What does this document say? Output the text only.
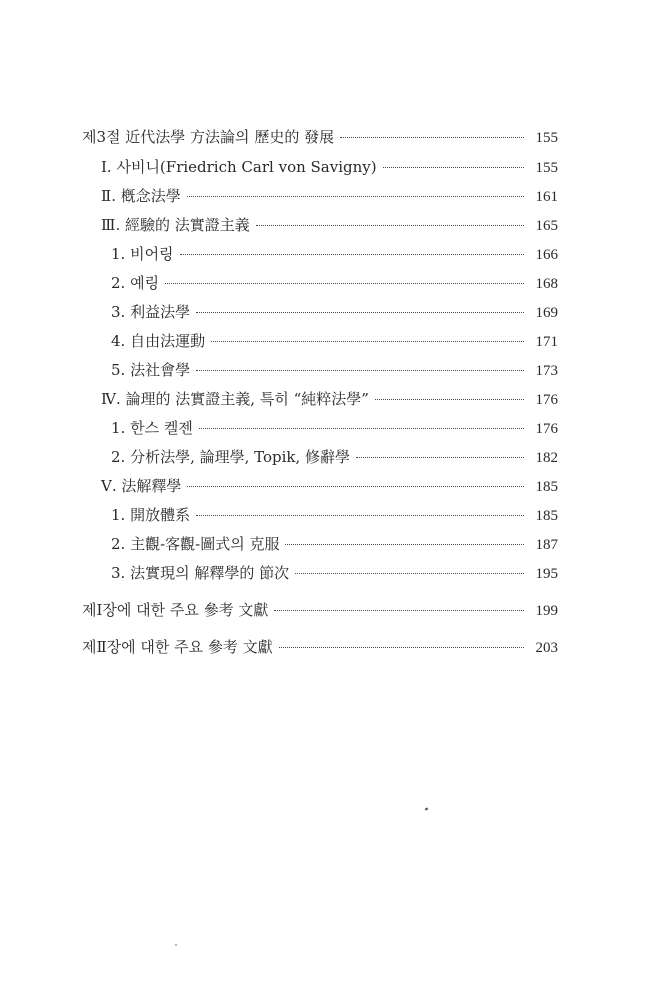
제3절 近代法學 方法論의 歷史的 發展	155
Ⅰ. 사비니(Friedrich Carl von Savigny)	155
Ⅱ. 槪念法學	161
Ⅲ. 經驗的 法實證主義	165
1. 비어링	166
2. 예링	168
3. 利益法學	169
4. 自由法運動	171
5. 法社會學	173
Ⅳ. 論理的 法實證主義, 특히 “純粹法學”	176
1. 한스 켈젠	176
2. 分析法學, 論理學, Topik, 修辭學	182
Ⅴ. 法解釋學	185
1. 開放體系	185
2. 主觀-客觀-圖式의 克服	187
3. 法實現의 解釋學的 節次	195
제Ⅰ장에 대한 주요 參考 文獻	199
제Ⅱ장에 대한 주요 參考 文獻	203
